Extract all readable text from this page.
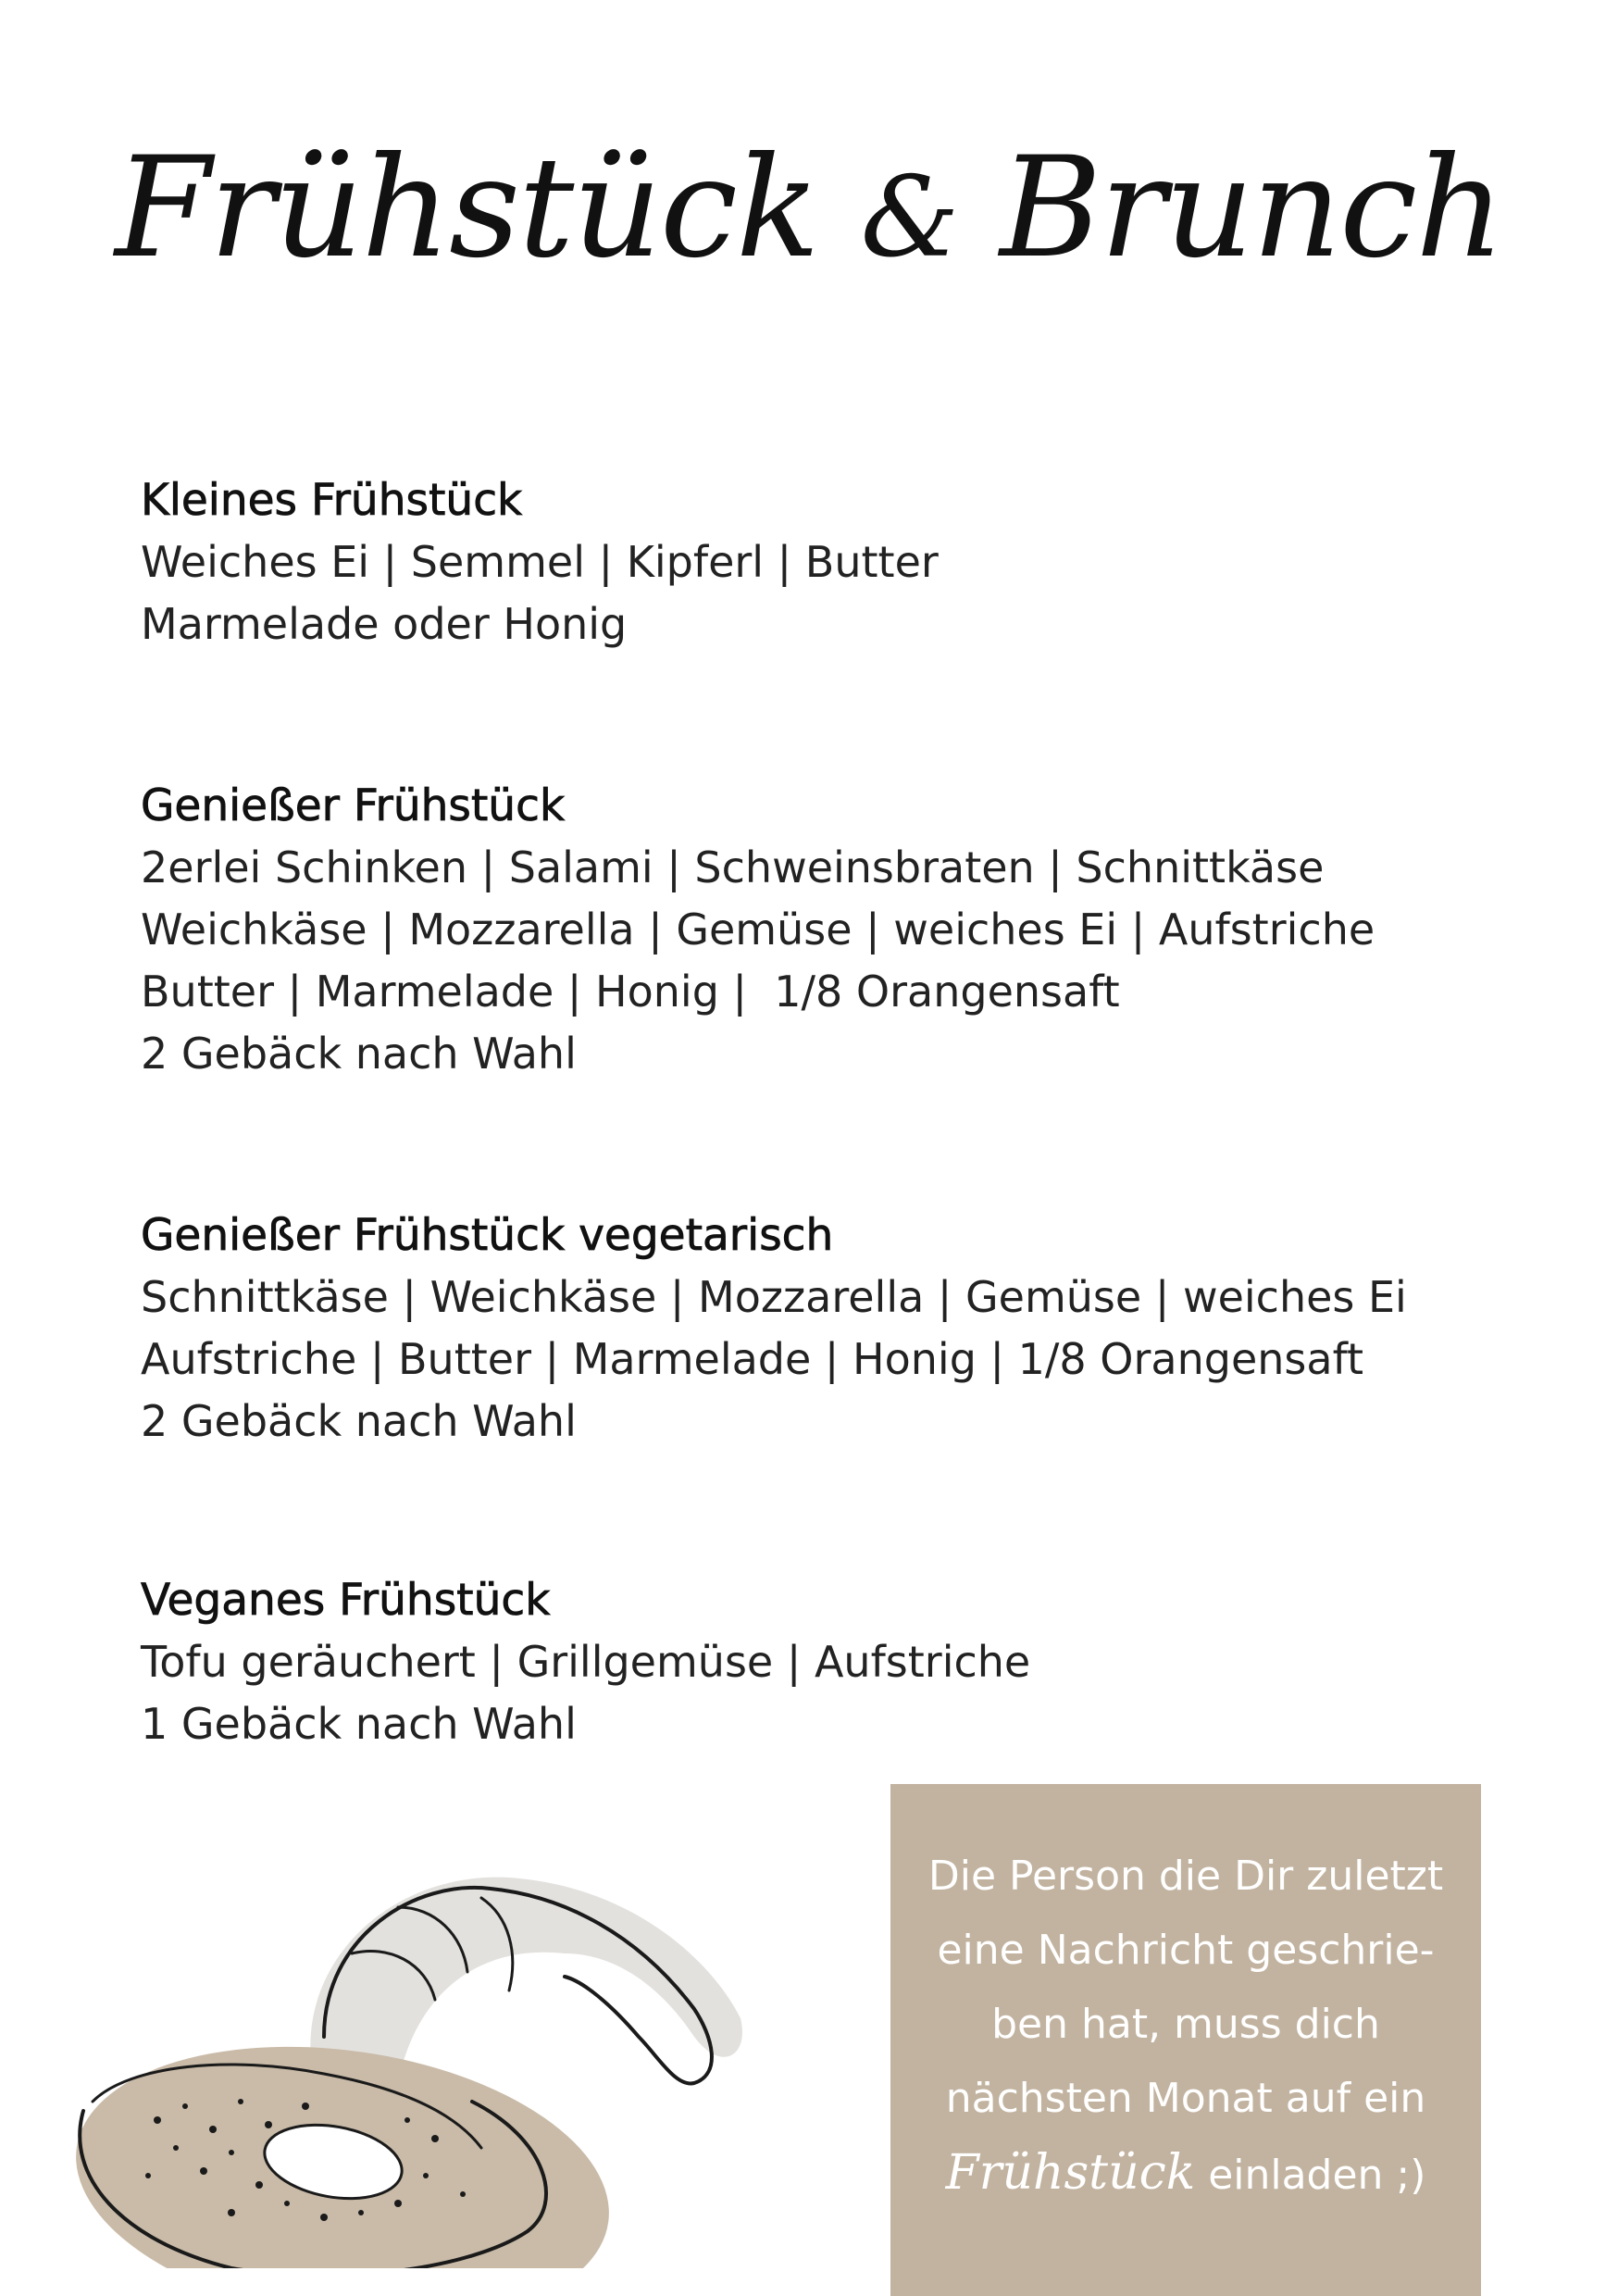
Frühstück & Brunch
Kleines Frühstück
Weiches Ei | Semmel | Kipferl | Butter
Marmelade oder Honig
Genießer Frühstück
2erlei Schinken | Salami | Schweinsbraten | Schnittkäse
Weichkäse | Mozzarella | Gemüse | weiches Ei | Aufstriche
Butter | Marmelade | Honig |  1/8 Orangensaft
2 Gebäck nach Wahl
Genießer Frühstück vegetarisch
Schnittkäse | Weichkäse | Mozzarella | Gemüse | weiches Ei
Aufstriche | Butter | Marmelade | Honig | 1/8 Orangensaft
2 Gebäck nach Wahl
Veganes Frühstück
Tofu geräuchert | Grillgemüse | Aufstriche
1 Gebäck nach Wahl
Die Person die Dir zuletzt
eine Nachricht geschrie-
ben hat, muss dich
nächsten Monat auf ein
Frühstück einladen ;)
